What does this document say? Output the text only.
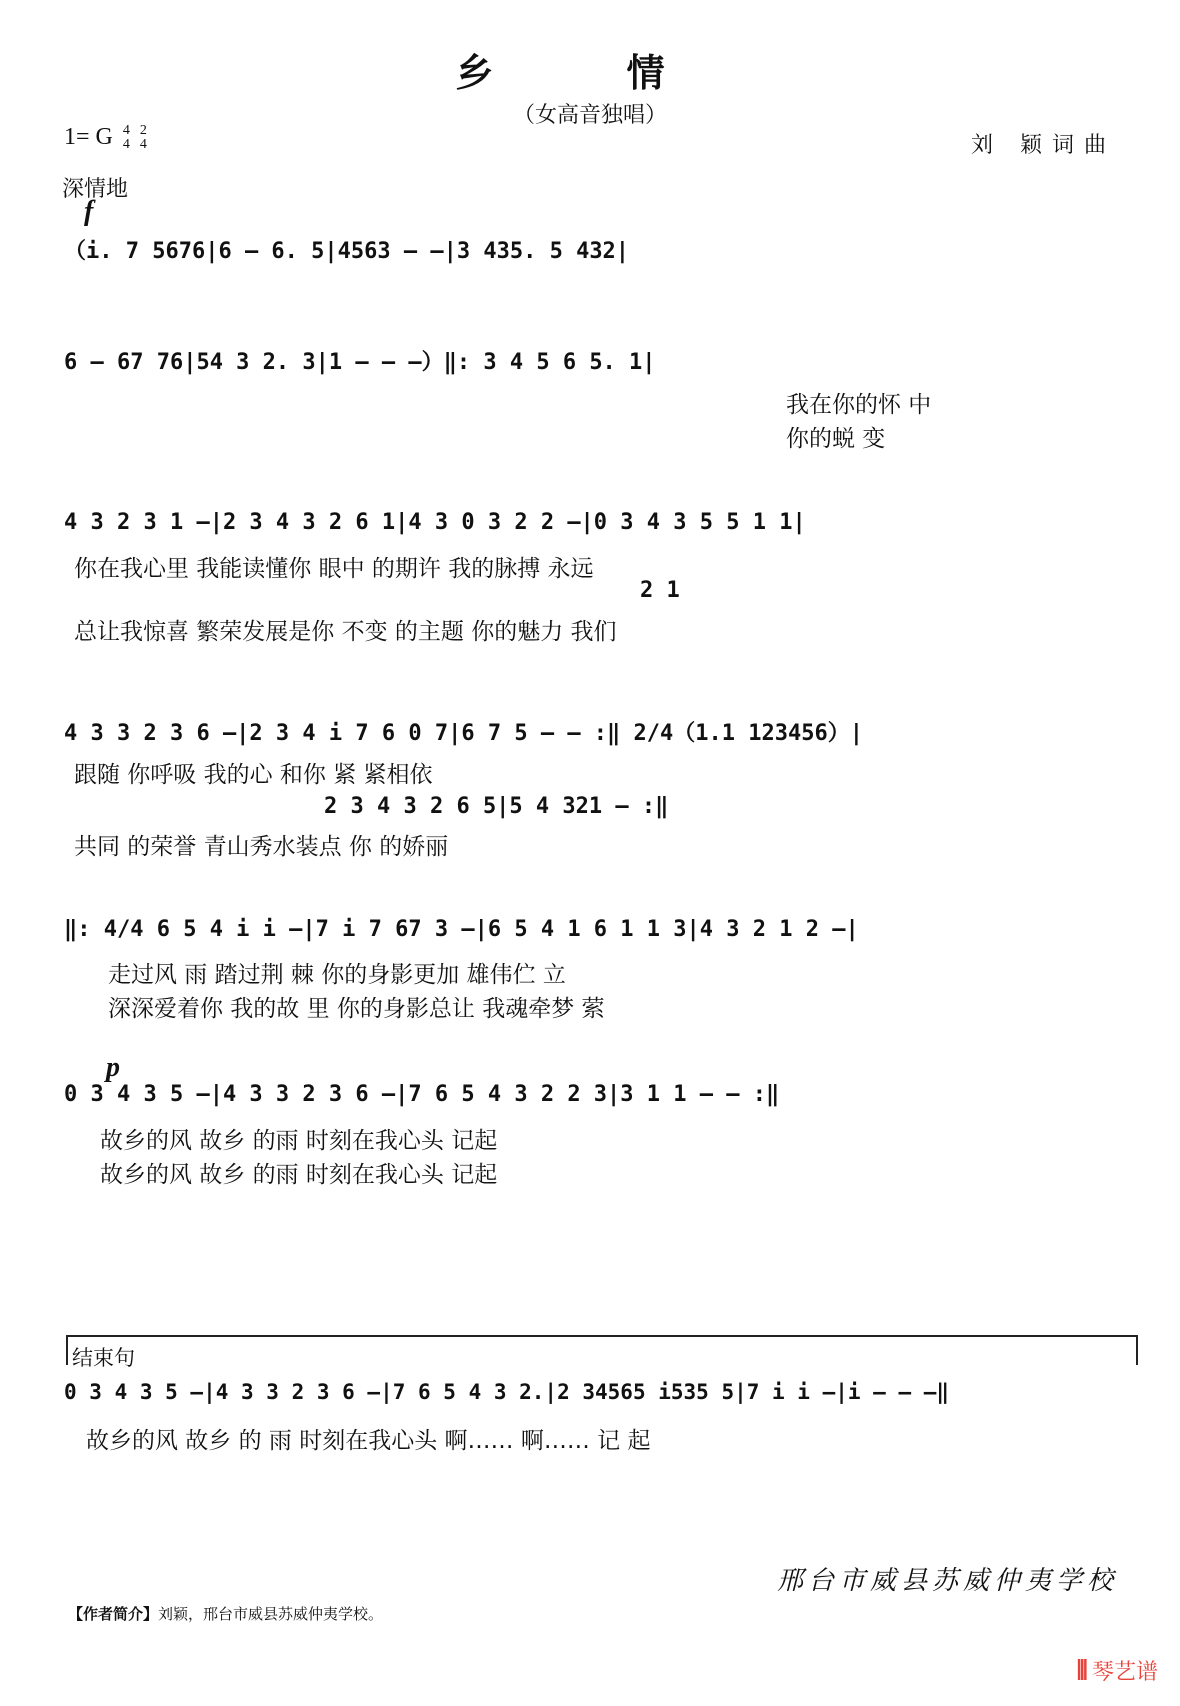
乡 情
（女高音独唱）
1= G 4
4

2
4	刘 颖词曲
深情地
f
（i. 7 5676|6 — 6. 5|4563 — —|3 435. 5 432|
6 — 67 76|54 3 2. 3|1 — — —）‖: 3 4 5 6 5. 1|
我在你的怀 中
你的蜕 变
4 3 2 3 1 —|2 3 4 3 2 6 1|4 3 0 3 2 2 —|0 3 4 3 5 5 1 1|
你在我心里 我能读懂你 眼中 的期许 我的脉搏 永远
2 1
总让我惊喜 繁荣发展是你 不变 的主题 你的魅力 我们
4 3 3 2 3 6 —|2 3 4 i 7 6 0 7|6 7 5 — — :‖ 2/4（1.1 123456）|
跟随 你呼吸 我的心 和你 紧 紧相依
2 3 4 3 2 6 5|5 4 321 — :‖
共同 的荣誉 青山秀水装点 你 的娇丽
‖: 4/4 6 5 4 i i —|7 i 7 67 3 —|6 5 4 1 6 1 1 3|4 3 2 1 2 —|
走过风 雨 踏过荆 棘 你的身影更加 雄伟伫 立
深深爱着你 我的故 里 你的身影总让 我魂牵梦 萦
p
0 3 4 3 5 —|4 3 3 2 3 6 —|7 6 5 4 3 2 2 3|3 1 1 — — :‖
故乡的风 故乡 的雨 时刻在我心头 记起
故乡的风 故乡 的雨 时刻在我心头 记起
结束句
0 3 4 3 5 —|4 3 3 2 3 6 —|7 6 5 4 3 2.|2 34565 i535 5|7 i i —|i — — —‖
故乡的风 故乡 的 雨 时刻在我心头 啊…… 啊…… 记 起
邢台市威县苏威仲夷学校
【作者简介】刘颖，邢台市威县苏威仲夷学校。
⦀ 琴艺谱
